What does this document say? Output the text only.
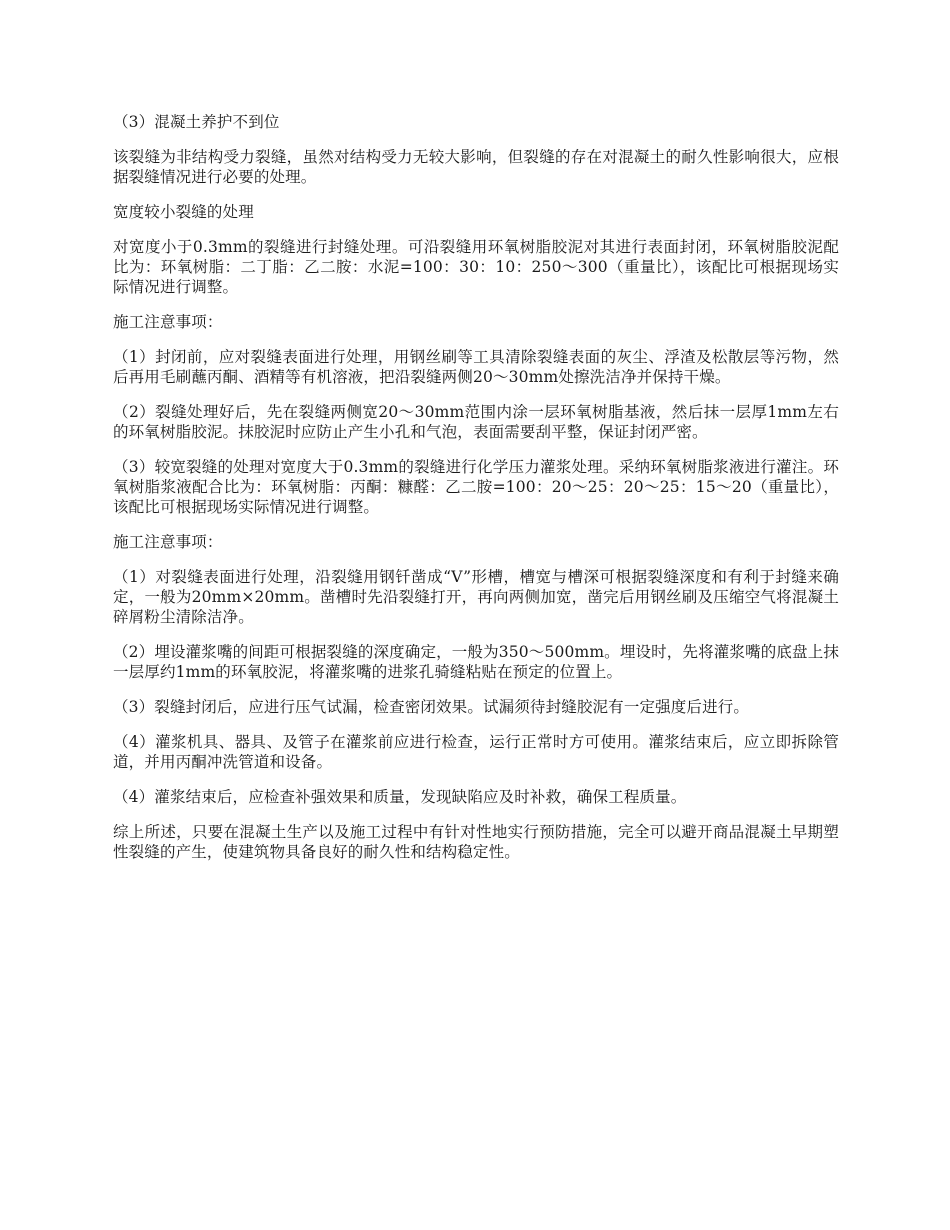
（3）混凝土养护不到位

该裂缝为非结构受力裂缝，虽然对结构受力无较大影响，但裂缝的存在对混凝土的耐久性影响很大，应根据裂缝情况进行必要的处理。

宽度较小裂缝的处理

对宽度小于0.3mm的裂缝进行封缝处理。可沿裂缝用环氧树脂胶泥对其进行表面封闭，环氧树脂胶泥配比为：环氧树脂：二丁脂：乙二胺：水泥=100：30：10：250～300（重量比），该配比可根据现场实际情况进行调整。

施工注意事项：

（1）封闭前，应对裂缝表面进行处理，用钢丝刷等工具清除裂缝表面的灰尘、浮渣及松散层等污物，然后再用毛刷蘸丙酮、酒精等有机溶液，把沿裂缝两侧20～30mm处擦洗洁净并保持干燥。

（2）裂缝处理好后，先在裂缝两侧宽20～30mm范围内涂一层环氧树脂基液，然后抹一层厚1mm左右的环氧树脂胶泥。抹胶泥时应防止产生小孔和气泡，表面需要刮平整，保证封闭严密。

（3）较宽裂缝的处理对宽度大于0.3mm的裂缝进行化学压力灌浆处理。采纳环氧树脂浆液进行灌注。环氧树脂浆液配合比为：环氧树脂：丙酮：糠醛：乙二胺=100：20～25：20～25：15～20（重量比），该配比可根据现场实际情况进行调整。

施工注意事项：

（1）对裂缝表面进行处理，沿裂缝用钢钎凿成“V”形槽，槽宽与槽深可根据裂缝深度和有利于封缝来确定，一般为20mm×20mm。凿槽时先沿裂缝打开，再向两侧加宽，凿完后用钢丝刷及压缩空气将混凝土碎屑粉尘清除洁净。

（2）埋设灌浆嘴的间距可根据裂缝的深度确定，一般为350～500mm。埋设时，先将灌浆嘴的底盘上抹一层厚约1mm的环氧胶泥，将灌浆嘴的进浆孔骑缝粘贴在预定的位置上。

（3）裂缝封闭后，应进行压气试漏，检查密闭效果。试漏须待封缝胶泥有一定强度后进行。

（4）灌浆机具、器具、及管子在灌浆前应进行检查，运行正常时方可使用。灌浆结束后，应立即拆除管道，并用丙酮冲洗管道和设备。

（4）灌浆结束后，应检查补强效果和质量，发现缺陷应及时补救，确保工程质量。

综上所述，只要在混凝土生产以及施工过程中有针对性地实行预防措施，完全可以避开商品混凝土早期塑性裂缝的产生，使建筑物具备良好的耐久性和结构稳定性。
